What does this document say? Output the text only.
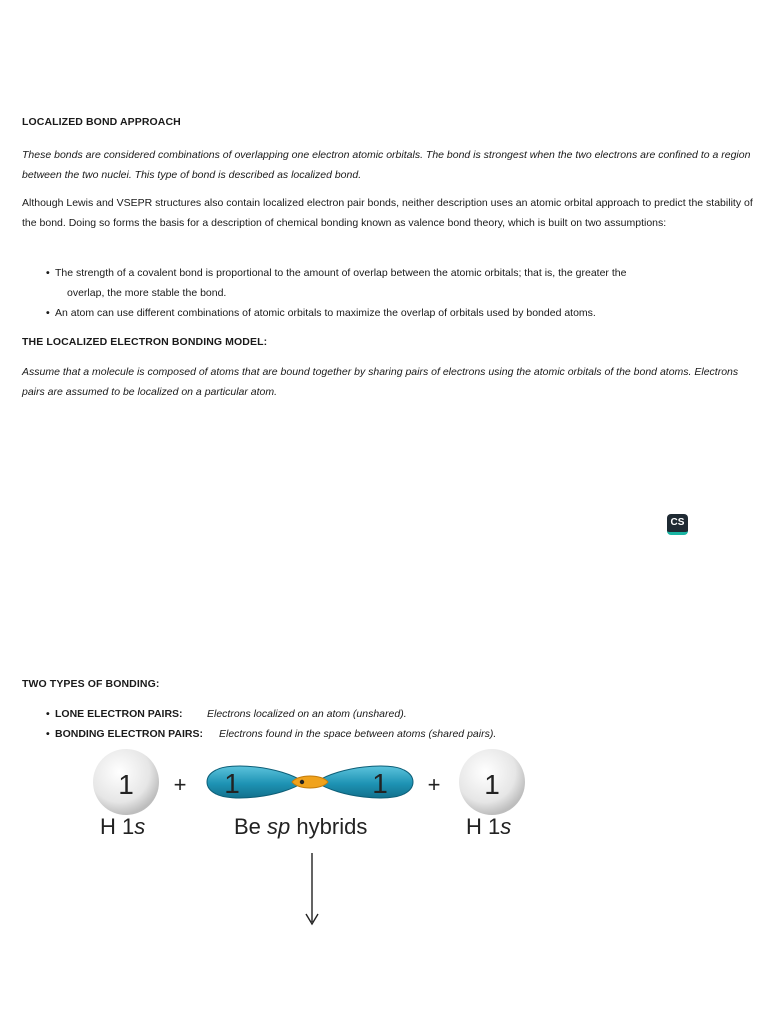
LOCALIZED BOND APPROACH

These bonds are considered combinations of overlapping one electron atomic orbitals. The bond is strongest when the two electrons are confined to a region between the two nuclei. This type of bond is described as localized bond.

Although Lewis and VSEPR structures also contain localized electron pair bonds, neither description uses an atomic orbital approach to predict the stability of the bond. Doing so forms the basis for a description of chemical bonding known as valence bond theory, which is built on two assumptions:

• The strength of a covalent bond is proportional to the amount of overlap between the atomic orbitals; that is, the greater the
overlap, the more stable the bond.
• An atom can use different combinations of atomic orbitals to maximize the overlap of orbitals used by bonded atoms.
THE LOCALIZED ELECTRON BONDING MODEL:

Assume that a molecule is composed of atoms that are bound together by sharing pairs of electrons using the atomic orbitals of the bond atoms. Electrons pairs are assumed to be localized on a particular atom.

CS
TWO TYPES OF BONDING:
• LONE ELECTRON PAIRS: Electrons localized on an atom (unshared).
• BONDING ELECTRON PAIRS: Electrons found in the space between atoms (shared pairs).
1 + 1	1 + 1
H 1s	Be sp hybrids	H 1s
